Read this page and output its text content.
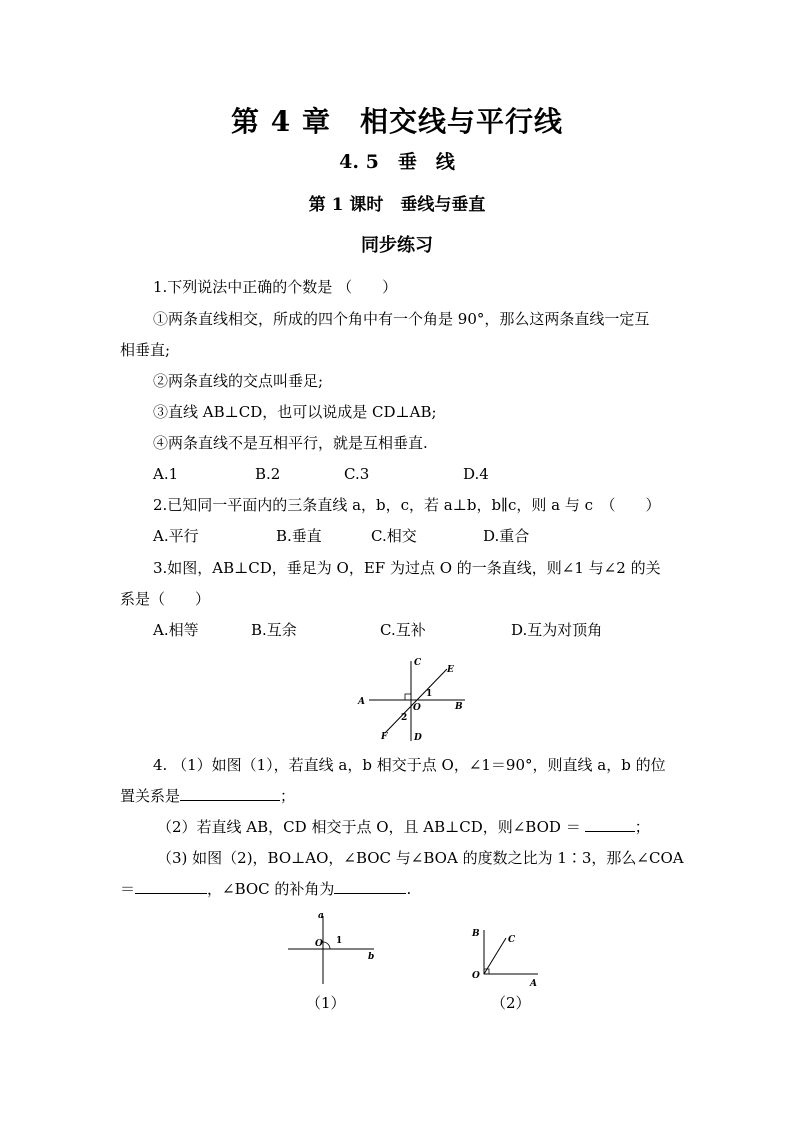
第 4 章　相交线与平行线
4. 5　垂　线
第 1 课时　垂线与垂直
同步练习
1.下列说法中正确的个数是 （　　）
①两条直线相交，所成的四个角中有一个角是 90°，那么这两条直线一定互
相垂直;
②两条直线的交点叫垂足;
③直线 AB⊥CD，也可以说成是 CD⊥AB;
④两条直线不是互相平行，就是互相垂直.
A.1	B.2	C.3	D.4
2.已知同一平面内的三条直线 a，b，c，若 a⊥b，b∥c，则 a 与 c　（　　）
A.平行	B.垂直	C.相交	D.重合
3.如图，AB⊥CD，垂足为 O，EF 为过点 O 的一条直线，则∠1 与∠2 的关
系是（　　）
A.相等	B.互余	C.互补	D.互为对顶角
A	B
C
D
E
F
O
1
2
4. （1）如图（1），若直线 a，b 相交于点 O，∠1＝90°，则直线 a，b 的位
置关系是	；
（2）若直线 AB，CD 相交于点 O，且 AB⊥CD，则∠BOD ＝	；
（3) 如图（2)，BO⊥AO，∠BOC 与∠BOA 的度数之比为 1∶3，那么∠COA
＝	，∠BOC 的补角为	.
a
b
O 1
（1）
B
C
O
A
（2）
